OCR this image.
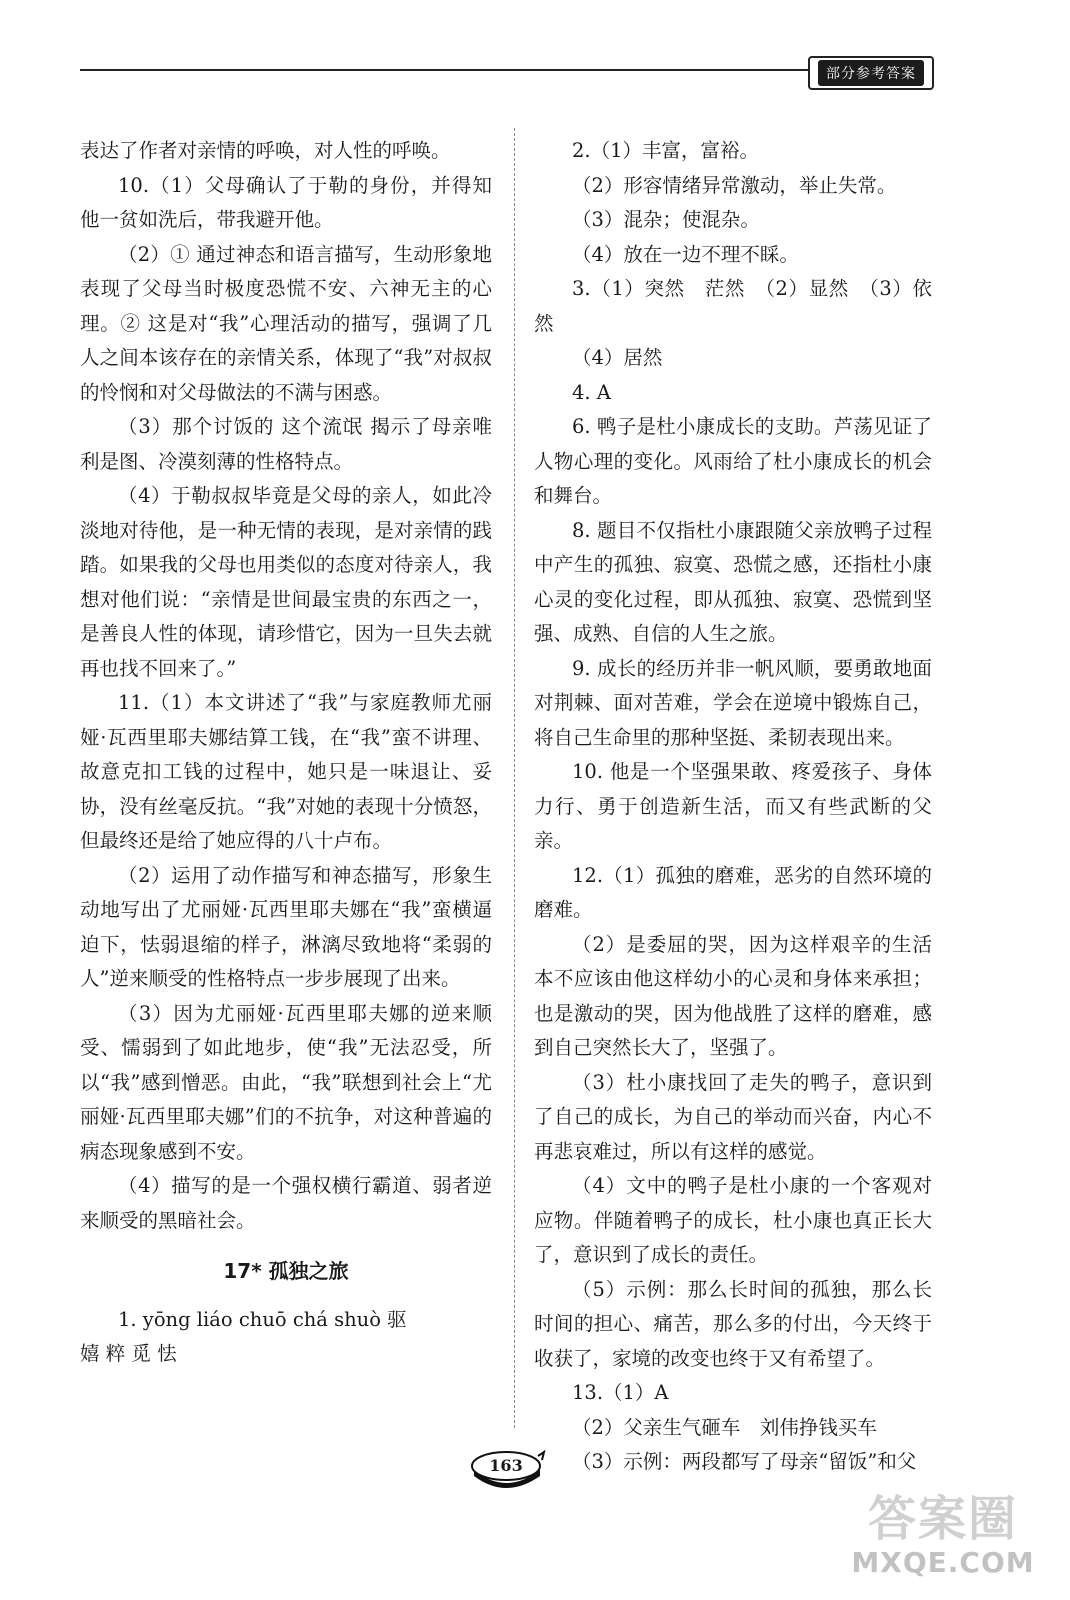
部分参考答案

表达了作者对亲情的呼唤，对人性的呼唤。

10.（1）父母确认了于勒的身份，并得知他一贫如洗后，带我避开他。

（2）① 通过神态和语言描写，生动形象地表现了父母当时极度恐慌不安、六神无主的心理。② 这是对“我”心理活动的描写，强调了几人之间本该存在的亲情关系，体现了“我”对叔叔的怜悯和对父母做法的不满与困惑。

（3）那个讨饭的 这个流氓 揭示了母亲唯利是图、冷漠刻薄的性格特点。

（4）于勒叔叔毕竟是父母的亲人，如此冷淡地对待他，是一种无情的表现，是对亲情的践踏。如果我的父母也用类似的态度对待亲人，我想对他们说：“亲情是世间最宝贵的东西之一，是善良人性的体现，请珍惜它，因为一旦失去就再也找不回来了。”

11.（1）本文讲述了“我”与家庭教师尤丽娅·瓦西里耶夫娜结算工钱，在“我”蛮不讲理、故意克扣工钱的过程中，她只是一味退让、妥协，没有丝毫反抗。“我”对她的表现十分愤怒，但最终还是给了她应得的八十卢布。

（2）运用了动作描写和神态描写，形象生动地写出了尤丽娅·瓦西里耶夫娜在“我”蛮横逼迫下，怯弱退缩的样子，淋漓尽致地将“柔弱的人”逆来顺受的性格特点一步步展现了出来。

（3）因为尤丽娅·瓦西里耶夫娜的逆来顺受、懦弱到了如此地步，使“我”无法忍受，所以“我”感到憎恶。由此，“我”联想到社会上“尤丽娅·瓦西里耶夫娜”们的不抗争，对这种普遍的病态现象感到不安。

（4）描写的是一个强权横行霸道、弱者逆来顺受的黑暗社会。

17* 孤独之旅

1. yōng liáo chuō chá shuò 驱

嬉 粹 觅 怯

2.（1）丰富，富裕。

（2）形容情绪异常激动，举止失常。

（3）混杂；使混杂。

（4）放在一边不理不睬。

3.（1）突然　茫然　（2）显然　（3）依然

（4）居然

4. A

6. 鸭子是杜小康成长的支助。芦荡见证了人物心理的变化。风雨给了杜小康成长的机会和舞台。

8. 题目不仅指杜小康跟随父亲放鸭子过程中产生的孤独、寂寞、恐慌之感，还指杜小康心灵的变化过程，即从孤独、寂寞、恐慌到坚强、成熟、自信的人生之旅。

9. 成长的经历并非一帆风顺，要勇敢地面对荆棘、面对苦难，学会在逆境中锻炼自己，将自己生命里的那种坚挺、柔韧表现出来。

10. 他是一个坚强果敢、疼爱孩子、身体力行、勇于创造新生活，而又有些武断的父亲。

12.（1）孤独的磨难，恶劣的自然环境的磨难。

（2）是委屈的哭，因为这样艰辛的生活本不应该由他这样幼小的心灵和身体来承担；也是激动的哭，因为他战胜了这样的磨难，感到自己突然长大了，坚强了。

（3）杜小康找回了走失的鸭子，意识到了自己的成长，为自己的举动而兴奋，内心不再悲哀难过，所以有这样的感觉。

（4）文中的鸭子是杜小康的一个客观对应物。伴随着鸭子的成长，杜小康也真正长大了，意识到了成长的责任。

（5）示例：那么长时间的孤独，那么长时间的担心、痛苦，那么多的付出，今天终于收获了，家境的改变也终于又有希望了。

13.（1）A

（2）父亲生气砸车　刘伟挣钱买车

（3）示例：两段都写了母亲“留饭”和父

163
答案圈
MXQE.COM
